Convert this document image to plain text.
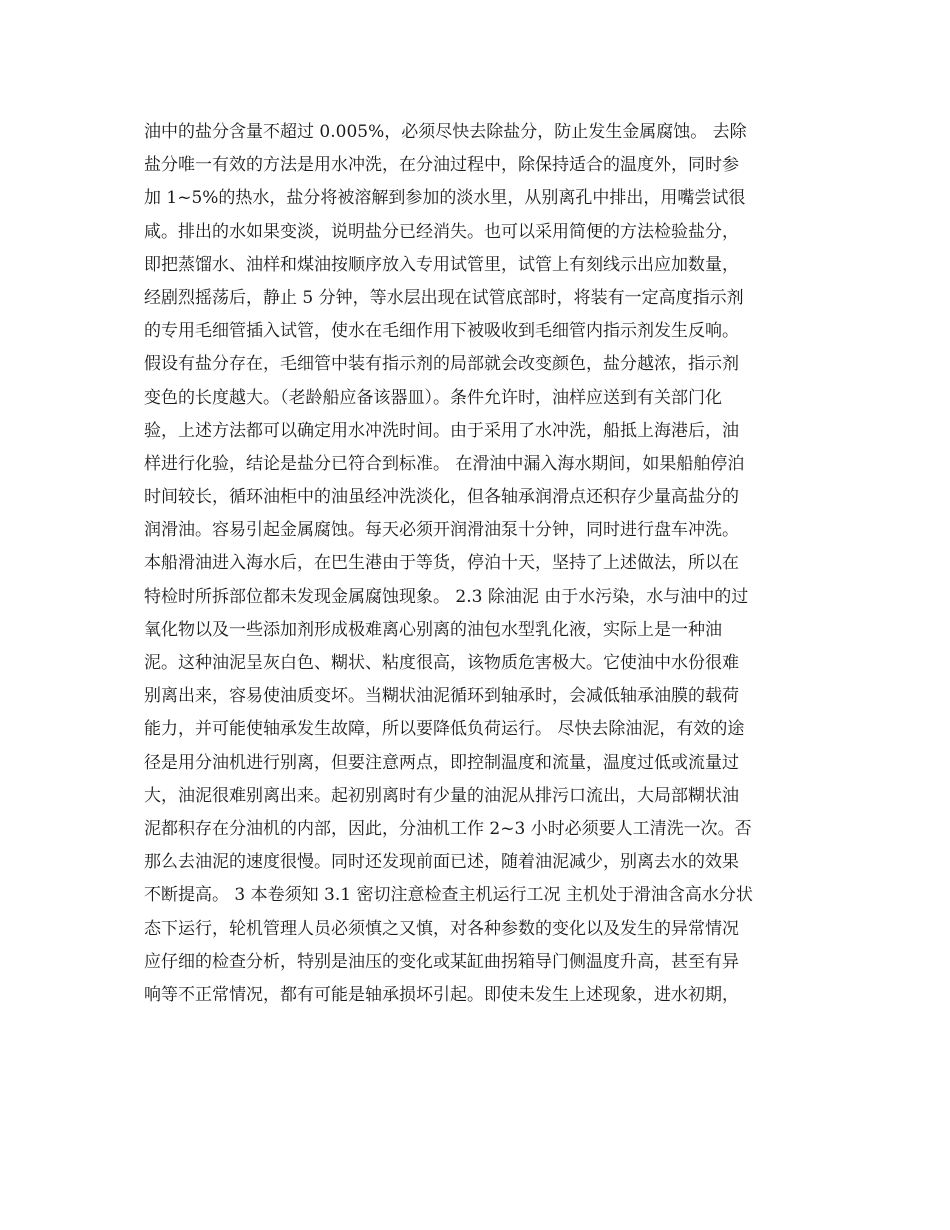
油中的盐分含量不超过 0.005%，必须尽快去除盐分，防止发生金属腐蚀。 去除
盐分唯一有效的方法是用水冲洗，在分油过程中，除保持适合的温度外，同时参
加 1~5%的热水，盐分将被溶解到参加的淡水里，从别离孔中排出，用嘴尝试很
咸。排出的水如果变淡，说明盐分已经消失。也可以采用简便的方法检验盐分，
即把蒸馏水、油样和煤油按顺序放入专用试管里，试管上有刻线示出应加数量，
经剧烈摇荡后，静止 5 分钟，等水层出现在试管底部时，将装有一定高度指示剂
的专用毛细管插入试管，使水在毛细作用下被吸收到毛细管内指示剂发生反响。
假设有盐分存在，毛细管中装有指示剂的局部就会改变颜色，盐分越浓，指示剂
变色的长度越大。（老龄船应备该器皿）。条件允许时，油样应送到有关部门化
验，上述方法都可以确定用水冲洗时间。由于采用了水冲洗，船抵上海港后，油
样进行化验，结论是盐分已符合到标准。 在滑油中漏入海水期间，如果船舶停泊
时间较长，循环油柜中的油虽经冲洗淡化，但各轴承润滑点还积存少量高盐分的
润滑油。容易引起金属腐蚀。每天必须开润滑油泵十分钟，同时进行盘车冲洗。
本船滑油进入海水后，在巴生港由于等货，停泊十天，坚持了上述做法，所以在
特检时所拆部位都未发现金属腐蚀现象。 2.3 除油泥 由于水污染，水与油中的过
氧化物以及一些添加剂形成极难离心别离的油包水型乳化液，实际上是一种油
泥。这种油泥呈灰白色、糊状、粘度很高，该物质危害极大。它使油中水份很难
别离出来，容易使油质变坏。当糊状油泥循环到轴承时，会减低轴承油膜的载荷
能力，并可能使轴承发生故障，所以要降低负荷运行。 尽快去除油泥，有效的途
径是用分油机进行别离，但要注意两点，即控制温度和流量，温度过低或流量过
大，油泥很难别离出来。起初别离时有少量的油泥从排污口流出，大局部糊状油
泥都积存在分油机的内部，因此，分油机工作 2~3 小时必须要人工清洗一次。否
那么去油泥的速度很慢。同时还发现前面已述，随着油泥减少，别离去水的效果
不断提高。 3 本卷须知 3.1 密切注意检查主机运行工况 主机处于滑油含高水分状
态下运行，轮机管理人员必须慎之又慎，对各种参数的变化以及发生的异常情况
应仔细的检查分析，特别是油压的变化或某缸曲拐箱导门侧温度升高，甚至有异
响等不正常情况，都有可能是轴承损坏引起。即使未发生上述现象，进水初期，
